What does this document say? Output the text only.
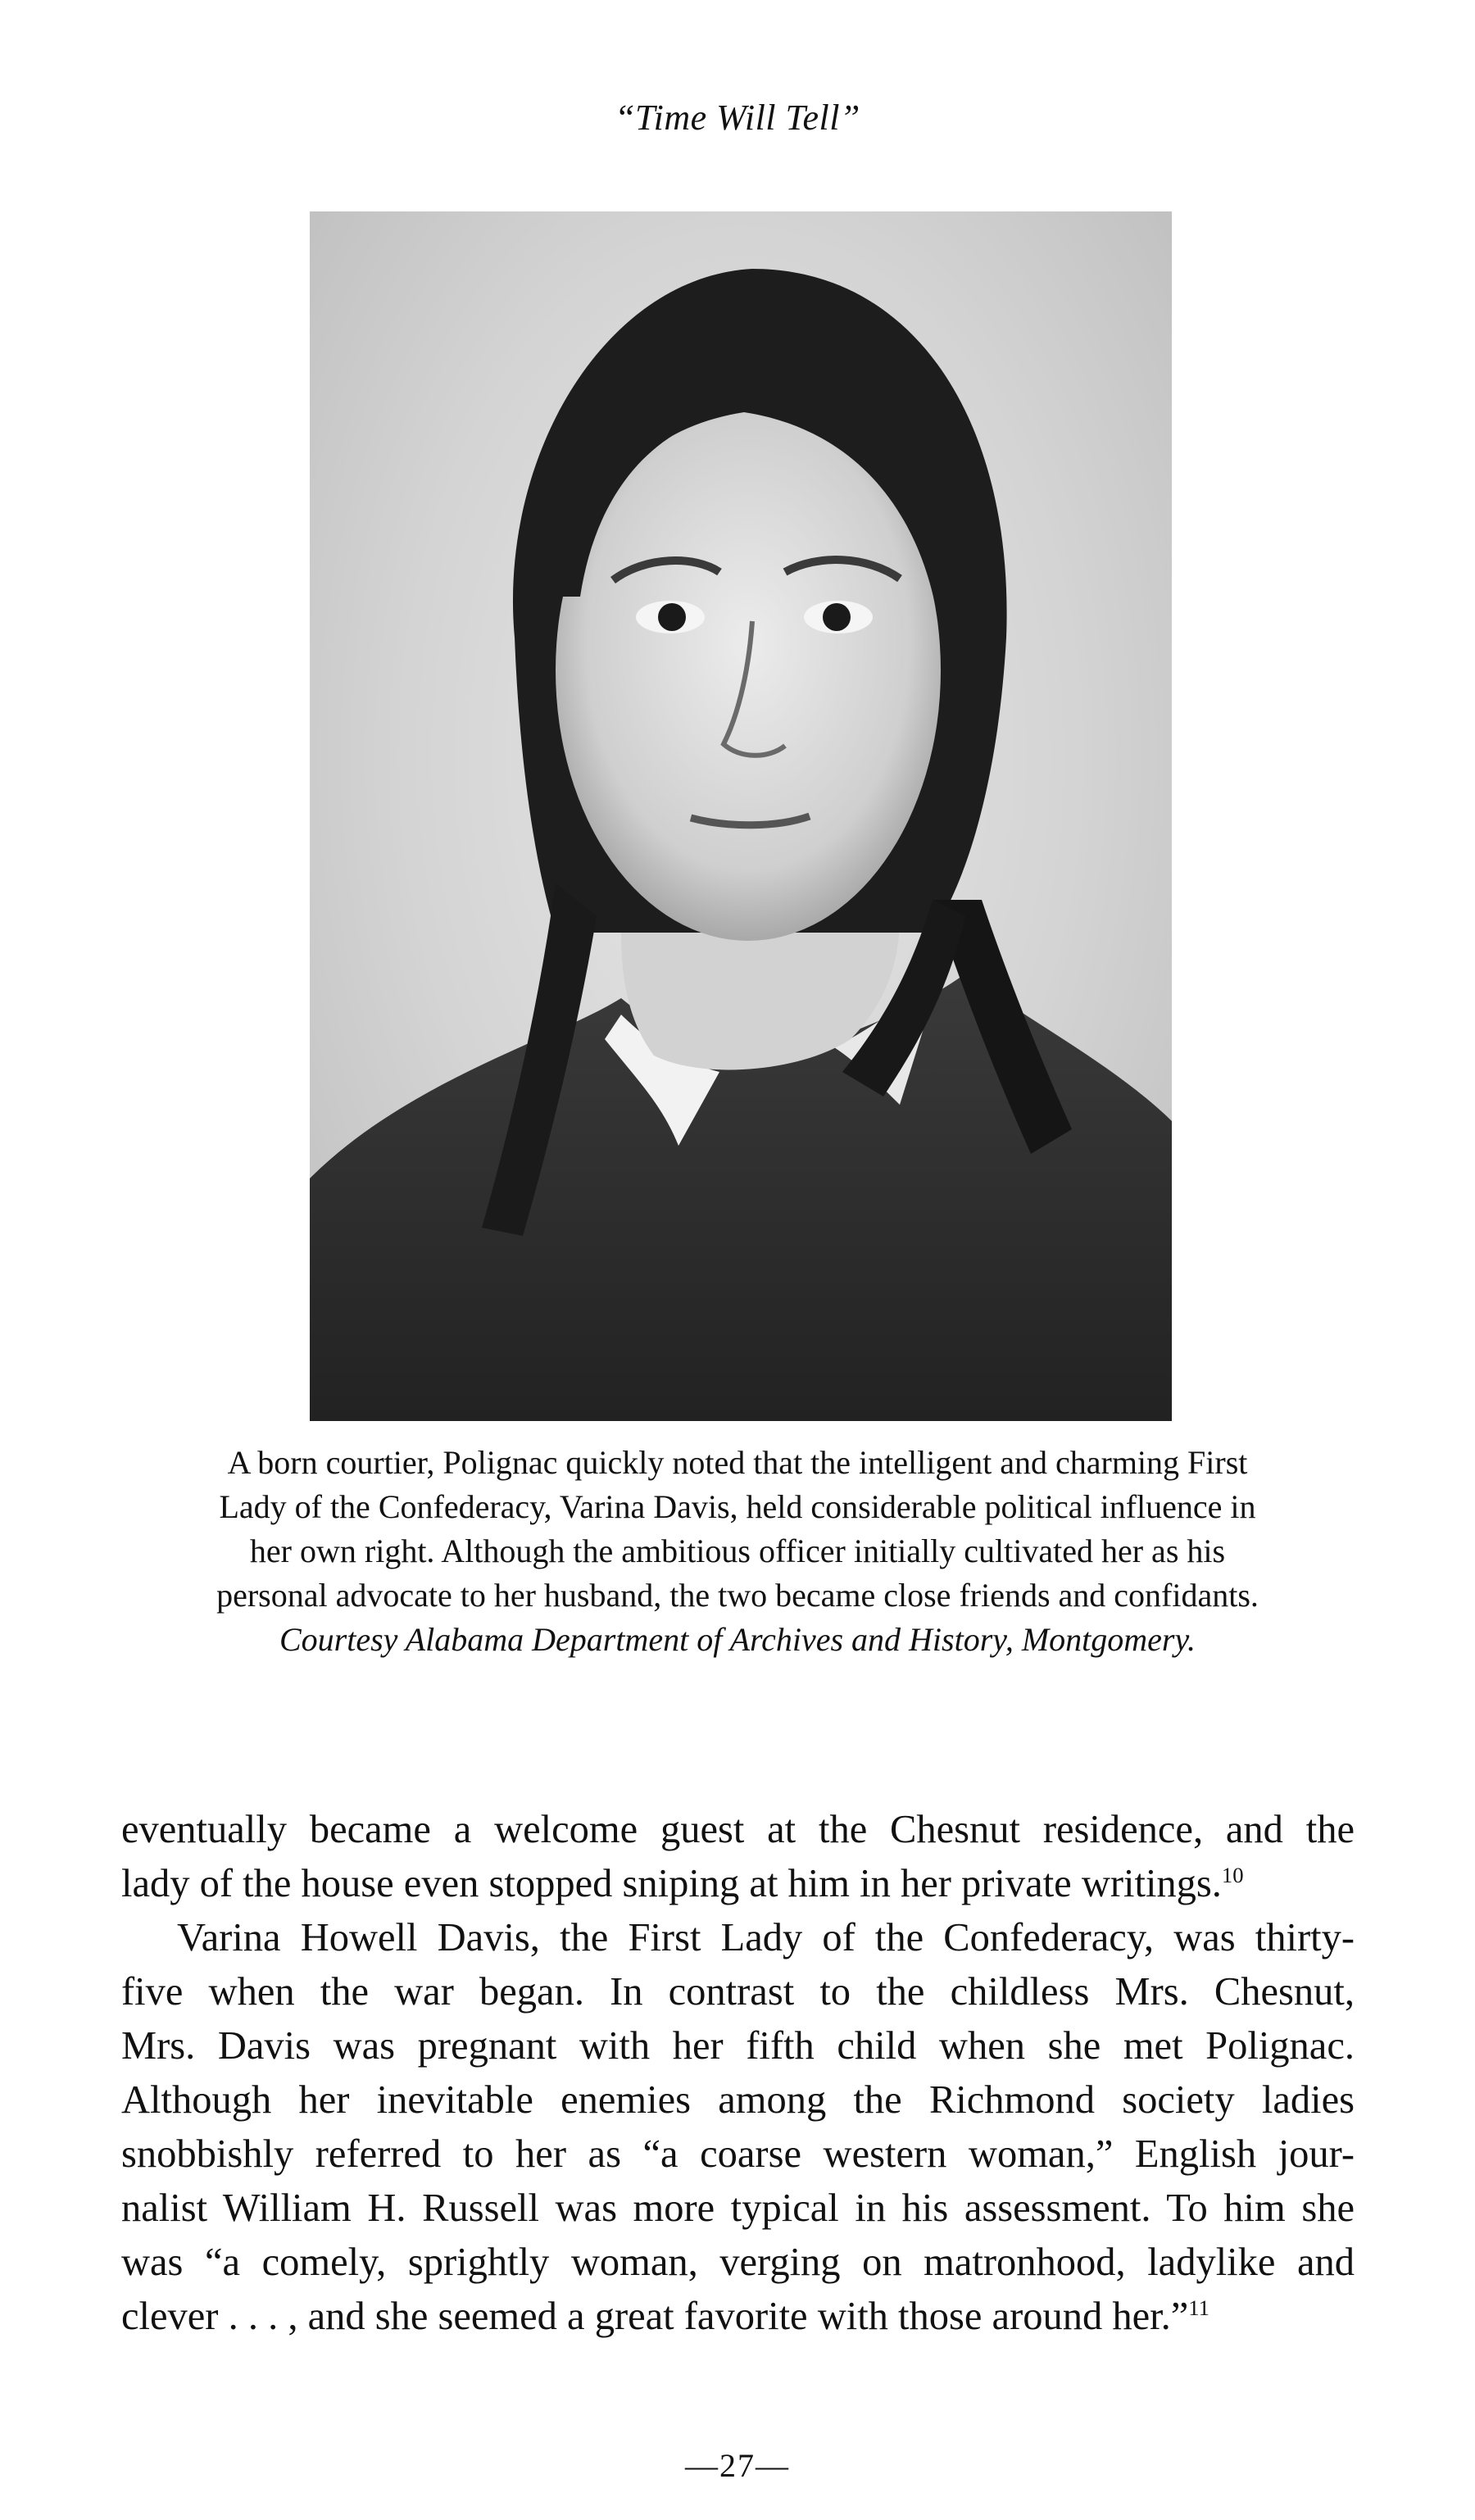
“Time Will Tell”
A born courtier, Polignac quickly noted that the intelligent and charming First
Lady of the Confederacy, Varina Davis, held considerable political influence in
her own right. Although the ambitious officer initially cultivated her as his
personal advocate to her husband, the two became close friends and confidants.
Courtesy Alabama Department of Archives and History, Montgomery.
eventually became a welcome guest at the Chesnut residence, and the
lady of the house even stopped sniping at him in her private writings.$^{10}$
Varina Howell Davis, the First Lady of the Confederacy, was thirty-
five when the war began. In contrast to the childless Mrs. Chesnut,
Mrs. Davis was pregnant with her fifth child when she met Polignac.
Although her inevitable enemies among the Richmond society ladies
snobbishly referred to her as “a coarse western woman,” English jour-
nalist William H. Russell was more typical in his assessment. To him she
was “a comely, sprightly woman, verging on matronhood, ladylike and
clever . . . , and she seemed a great favorite with those around her.”$^{11}$
—27—
